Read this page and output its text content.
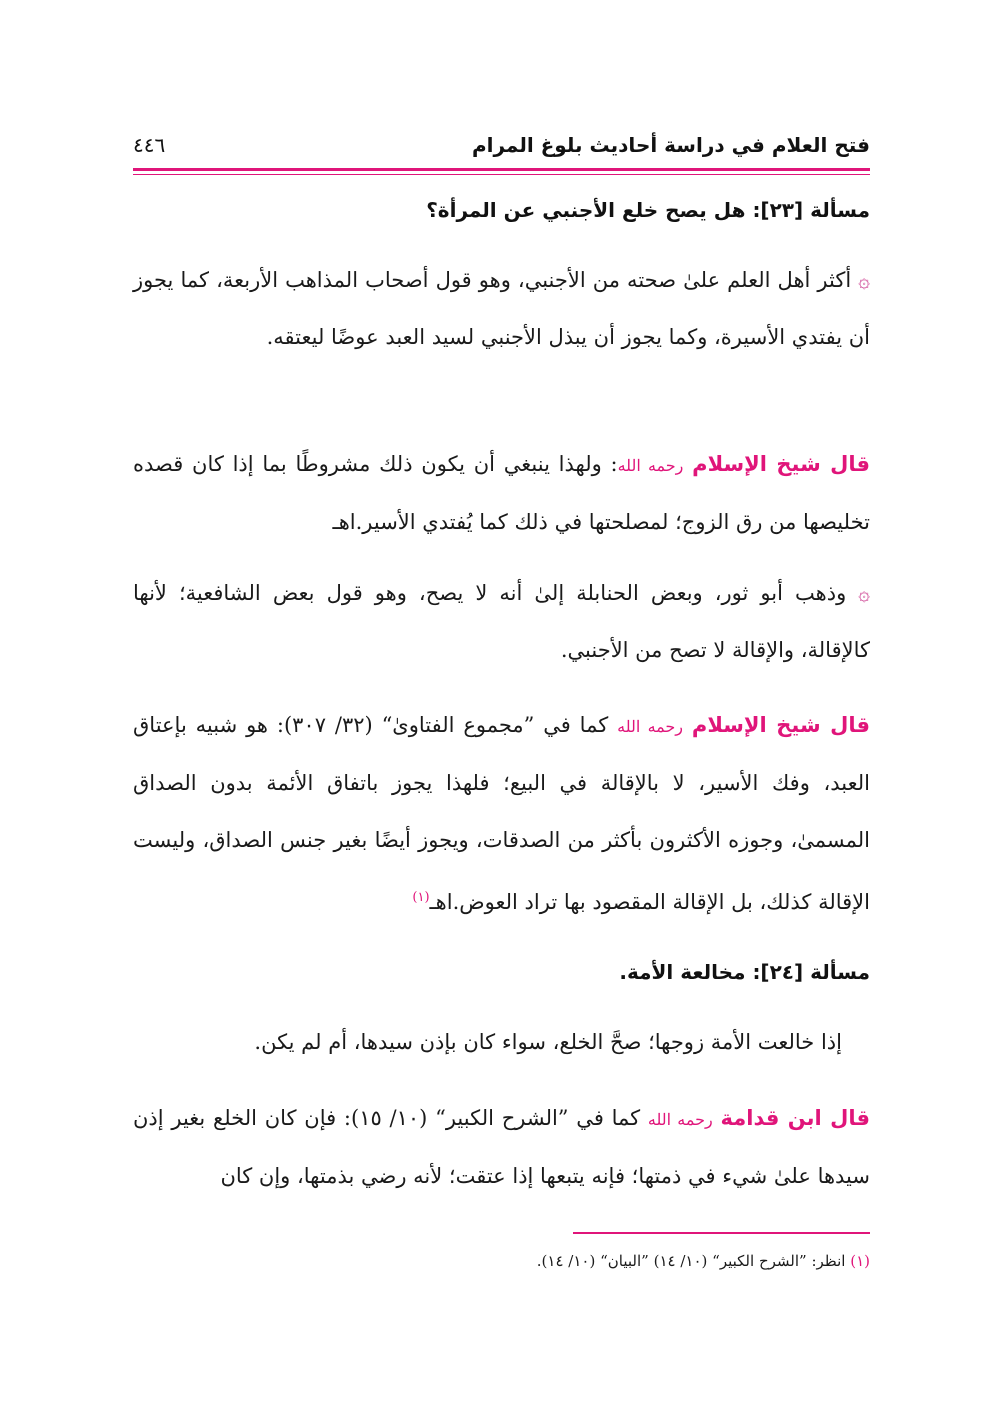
فتح العلام في دراسة أحاديث بلوغ المرام
٤٤٦
مسألة [٢٣]: هل يصح خلع الأجنبي عن المرأة؟
۞ أكثر أهل العلم علىٰ صحته من الأجنبي، وهو قول أصحاب المذاهب الأربعة، كما يجوز أن يفتدي الأسيرة، وكما يجوز أن يبذل الأجنبي لسيد العبد عوضًا ليعتقه.
قال شيخ الإسلام رحمه الله: ولهذا ينبغي أن يكون ذلك مشروطًا بما إذا كان قصده تخليصها من رق الزوج؛ لمصلحتها في ذلك كما يُفتدي الأسير.اهـ
۞ وذهب أبو ثور، وبعض الحنابلة إلىٰ أنه لا يصح، وهو قول بعض الشافعية؛ لأنها كالإقالة، والإقالة لا تصح من الأجنبي.
قال شيخ الإسلام رحمه الله كما في ”مجموع الفتاوىٰ“ (٣٢/ ٣٠٧): هو شبيه بإعتاق العبد، وفك الأسير، لا بالإقالة في البيع؛ فلهذا يجوز باتفاق الأئمة بدون الصداق المسمىٰ، وجوزه الأكثرون بأكثر من الصدقات، ويجوز أيضًا بغير جنس الصداق، وليست الإقالة كذلك، بل الإقالة المقصود بها تراد العوض.اهـ$^{(١)}$
مسألة [٢٤]: مخالعة الأمة.
إذا خالعت الأمة زوجها؛ صحَّ الخلع، سواء كان بإذن سيدها، أم لم يكن.
قال ابن قدامة رحمه الله كما في ”الشرح الكبير“ (١٠/ ١٥): فإن كان الخلع بغير إذن سيدها علىٰ شيء في ذمتها؛ فإنه يتبعها إذا عتقت؛ لأنه رضي بذمتها، وإن كان
(١) انظر: ”الشرح الكبير“ (١٠/ ١٤) ”البيان“ (١٠/ ١٤).
